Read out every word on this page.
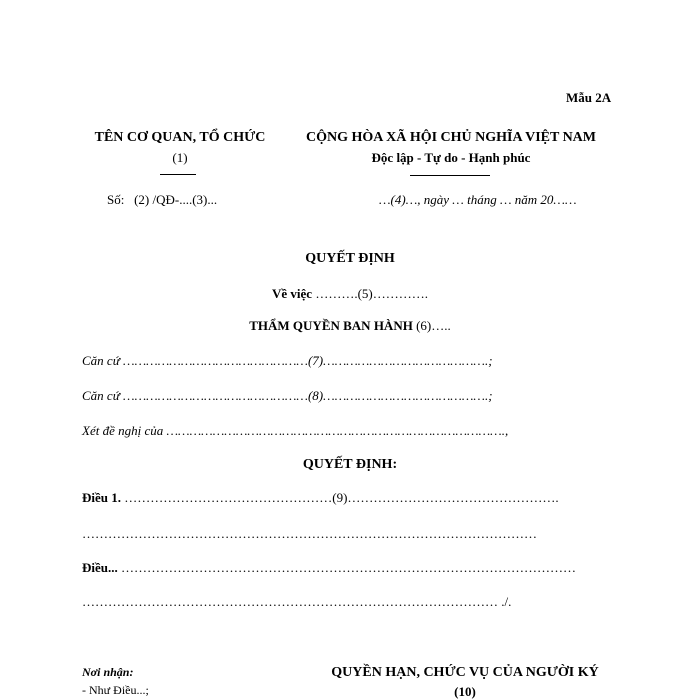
Mẫu 2A
TÊN CƠ QUAN, TỔ CHỨC
(1)
CỘNG HÒA XÃ HỘI CHỦ NGHĨA VIỆT NAM
Độc lập - Tự do - Hạnh phúc
Số: (2) /QĐ-....(3)...	…(4)…, ngày … tháng … năm 20……
QUYẾT ĐỊNH
Về việc ……….(5)………….
THẨM QUYỀN BAN HÀNH (6)…..
Căn cứ …………………………………………(7)…………………………………….;
Căn cứ …………………………………………(8)…………………………………….;
Xét đề nghị của …………………………………………………………………………….,
QUYẾT ĐỊNH:
Điều 1. …………………………………………(9)………………………………………….
……………………………………………………………………………………………
Điều... ……………………………………………………………………………………………
…………………………………………………………………………………… ./.
Nơi nhận:
- Như Điều...;
QUYỀN HẠN, CHỨC VỤ CỦA NGƯỜI KÝ
(10)
